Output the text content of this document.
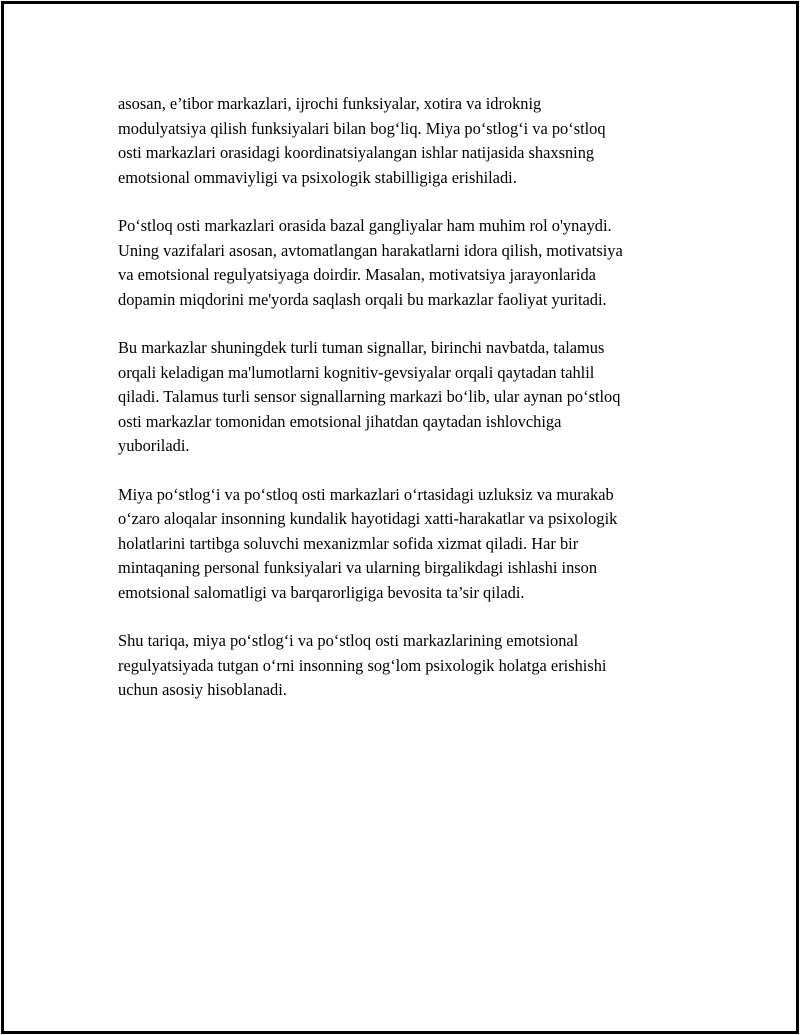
asosan, e’tibor markazlari, ijrochi funksiyalar, xotira va idroknig
modulyatsiya qilish funksiyalari bilan bog‘liq. Miya po‘stlog‘i va po‘stloq
osti markazlari orasidagi koordinatsiyalangan ishlar natijasida shaxsning
emotsional ommaviyligi va psixologik stabilligiga erishiladi.

Po‘stloq osti markazlari orasida bazal gangliyalar ham muhim rol o'ynaydi.
Uning vazifalari asosan, avtomatlangan harakatlarni idora qilish, motivatsiya
va emotsional regulyatsiyaga doirdir. Masalan, motivatsiya jarayonlarida
dopamin miqdorini me'yorda saqlash orqali bu markazlar faoliyat yuritadi.

Bu markazlar shuningdek turli tuman signallar, birinchi navbatda, talamus
orqali keladigan ma'lumotlarni kognitiv-gevsiyalar orqali qaytadan tahlil
qiladi. Talamus turli sensor signallarning markazi bo‘lib, ular aynan po‘stloq
osti markazlar tomonidan emotsional jihatdan qaytadan ishlovchiga
yuboriladi.

Miya po‘stlog‘i va po‘stloq osti markazlari o‘rtasidagi uzluksiz va murakab
o‘zaro aloqalar insonning kundalik hayotidagi xatti-harakatlar va psixologik
holatlarini tartibga soluvchi mexanizmlar sofida xizmat qiladi. Har bir
mintaqaning personal funksiyalari va ularning birgalikdagi ishlashi inson
emotsional salomatligi va barqarorligiga bevosita ta’sir qiladi.

Shu tariqa, miya po‘stlog‘i va po‘stloq osti markazlarining emotsional
regulyatsiyada tutgan o‘rni insonning sog‘lom psixologik holatga erishishi
uchun asosiy hisoblanadi.
